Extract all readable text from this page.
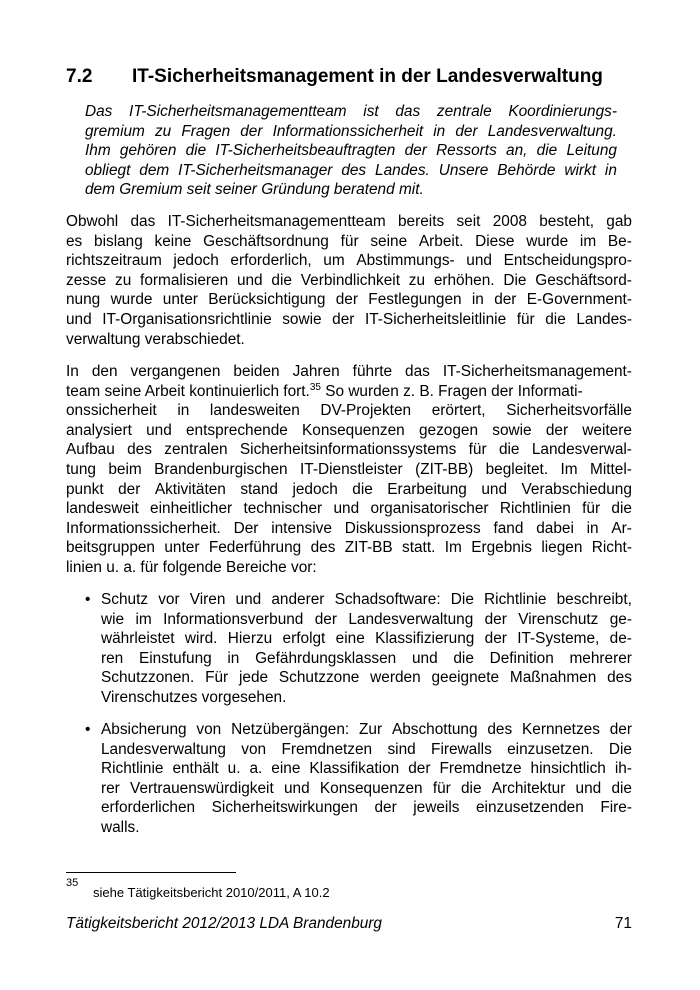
7.2 IT-Sicherheitsmanagement in der Landesverwaltung
Das IT-Sicherheitsmanagementteam ist das zentrale Koordinierungs-
gremium zu Fragen der Informationssicherheit in der Landesverwaltung.
Ihm gehören die IT-Sicherheitsbeauftragten der Ressorts an, die Leitung
obliegt dem IT-Sicherheitsmanager des Landes. Unsere Behörde wirkt in
dem Gremium seit seiner Gründung beratend mit.
Obwohl das IT-Sicherheitsmanagementteam bereits seit 2008 besteht, gab
es bislang keine Geschäftsordnung für seine Arbeit. Diese wurde im Be-
richtszeitraum jedoch erforderlich, um Abstimmungs- und Entscheidungspro-
zesse zu formalisieren und die Verbindlichkeit zu erhöhen. Die Geschäftsord-
nung wurde unter Berücksichtigung der Festlegungen in der E-Government-
und IT-Organisationsrichtlinie sowie der IT-Sicherheitsleitlinie für die Landes-
verwaltung verabschiedet.
In den vergangenen beiden Jahren führte das IT-Sicherheitsmanagement-
team seine Arbeit kontinuierlich fort.$^{35}$ So wurden z. B. Fragen der Informati-
onssicherheit in landesweiten DV-Projekten erörtert, Sicherheitsvorfälle
analysiert und entsprechende Konsequenzen gezogen sowie der weitere
Aufbau des zentralen Sicherheitsinformationssystems für die Landesverwal-
tung beim Brandenburgischen IT-Dienstleister (ZIT-BB) begleitet. Im Mittel-
punkt der Aktivitäten stand jedoch die Erarbeitung und Verabschiedung
landesweit einheitlicher technischer und organisatorischer Richtlinien für die
Informationssicherheit. Der intensive Diskussionsprozess fand dabei in Ar-
beitsgruppen unter Federführung des ZIT-BB statt. Im Ergebnis liegen Richt-
linien u. a. für folgende Bereiche vor:
• Schutz vor Viren und anderer Schadsoftware: Die Richtlinie beschreibt,
wie im Informationsverbund der Landesverwaltung der Virenschutz ge-
währleistet wird. Hierzu erfolgt eine Klassifizierung der IT-Systeme, de-
ren Einstufung in Gefährdungsklassen und die Definition mehrerer
Schutzzonen. Für jede Schutzzone werden geeignete Maßnahmen des
Virenschutzes vorgesehen.
• Absicherung von Netzübergängen: Zur Abschottung des Kernnetzes der
Landesverwaltung von Fremdnetzen sind Firewalls einzusetzen. Die
Richtlinie enthält u. a. eine Klassifikation der Fremdnetze hinsichtlich ih-
rer Vertrauenswürdigkeit und Konsequenzen für die Architektur und die
erforderlichen Sicherheitswirkungen der jeweils einzusetzenden Fire-
walls.
35
siehe Tätigkeitsbericht 2010/2011, A 10.2
Tätigkeitsbericht 2012/2013 LDA Brandenburg	71
